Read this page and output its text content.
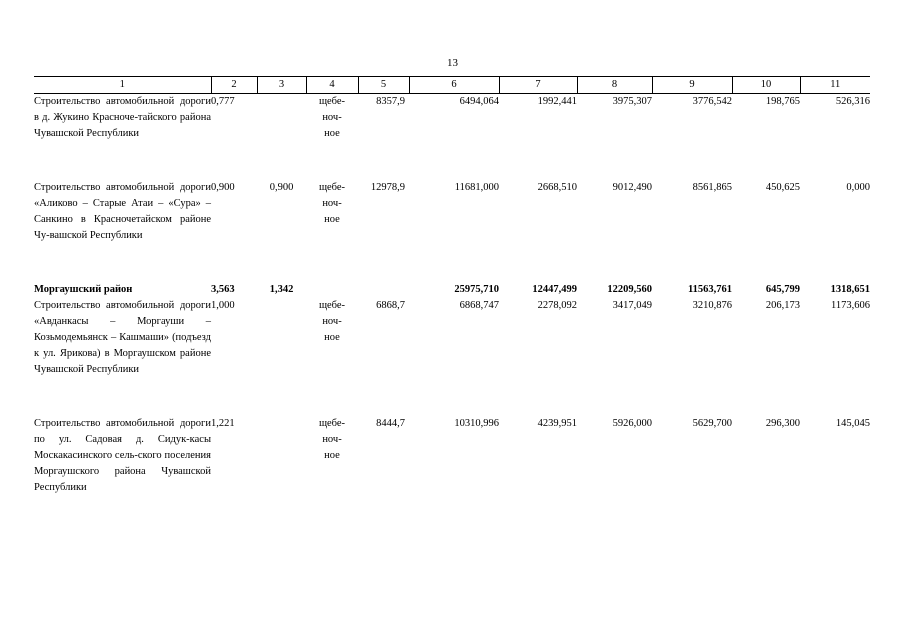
13
1	2	3	4	5	6	7	8	9	10	11
Строительство автомобильной дороги в д. Жукино Красноче-тайского района Чувашской Республики	0,777		щебе-
ноч-
ное	8357,9	6494,064	1992,441	3975,307	3776,542	198,765	526,316
Строительство автомобильной дороги «Аликово – Старые Атаи – «Сура» – Санкино в Красночетайском районе Чу-вашской Республики	0,900	0,900	щебе-
ноч-
ное	12978,9	11681,000	2668,510	9012,490	8561,865	450,625	0,000
Моргаушский район	3,563	1,342			25975,710	12447,499	12209,560	11563,761	645,799	1318,651
Строительство автомобильной дороги «Авданкасы – Моргауши – Козьмодемьянск – Кашмаши» (подъезд к ул. Ярикова) в Моргаушском районе Чувашской Республики	1,000		щебе-
ноч-
ное	6868,7	6868,747	2278,092	3417,049	3210,876	206,173	1173,606
Строительство автомобильной дороги по ул. Садовая д. Сидук-касы Москакасинского сель-ского поселения Моргаушского района Чувашской Республики	1,221		щебе-
ноч-
ное	8444,7	10310,996	4239,951	5926,000	5629,700	296,300	145,045
